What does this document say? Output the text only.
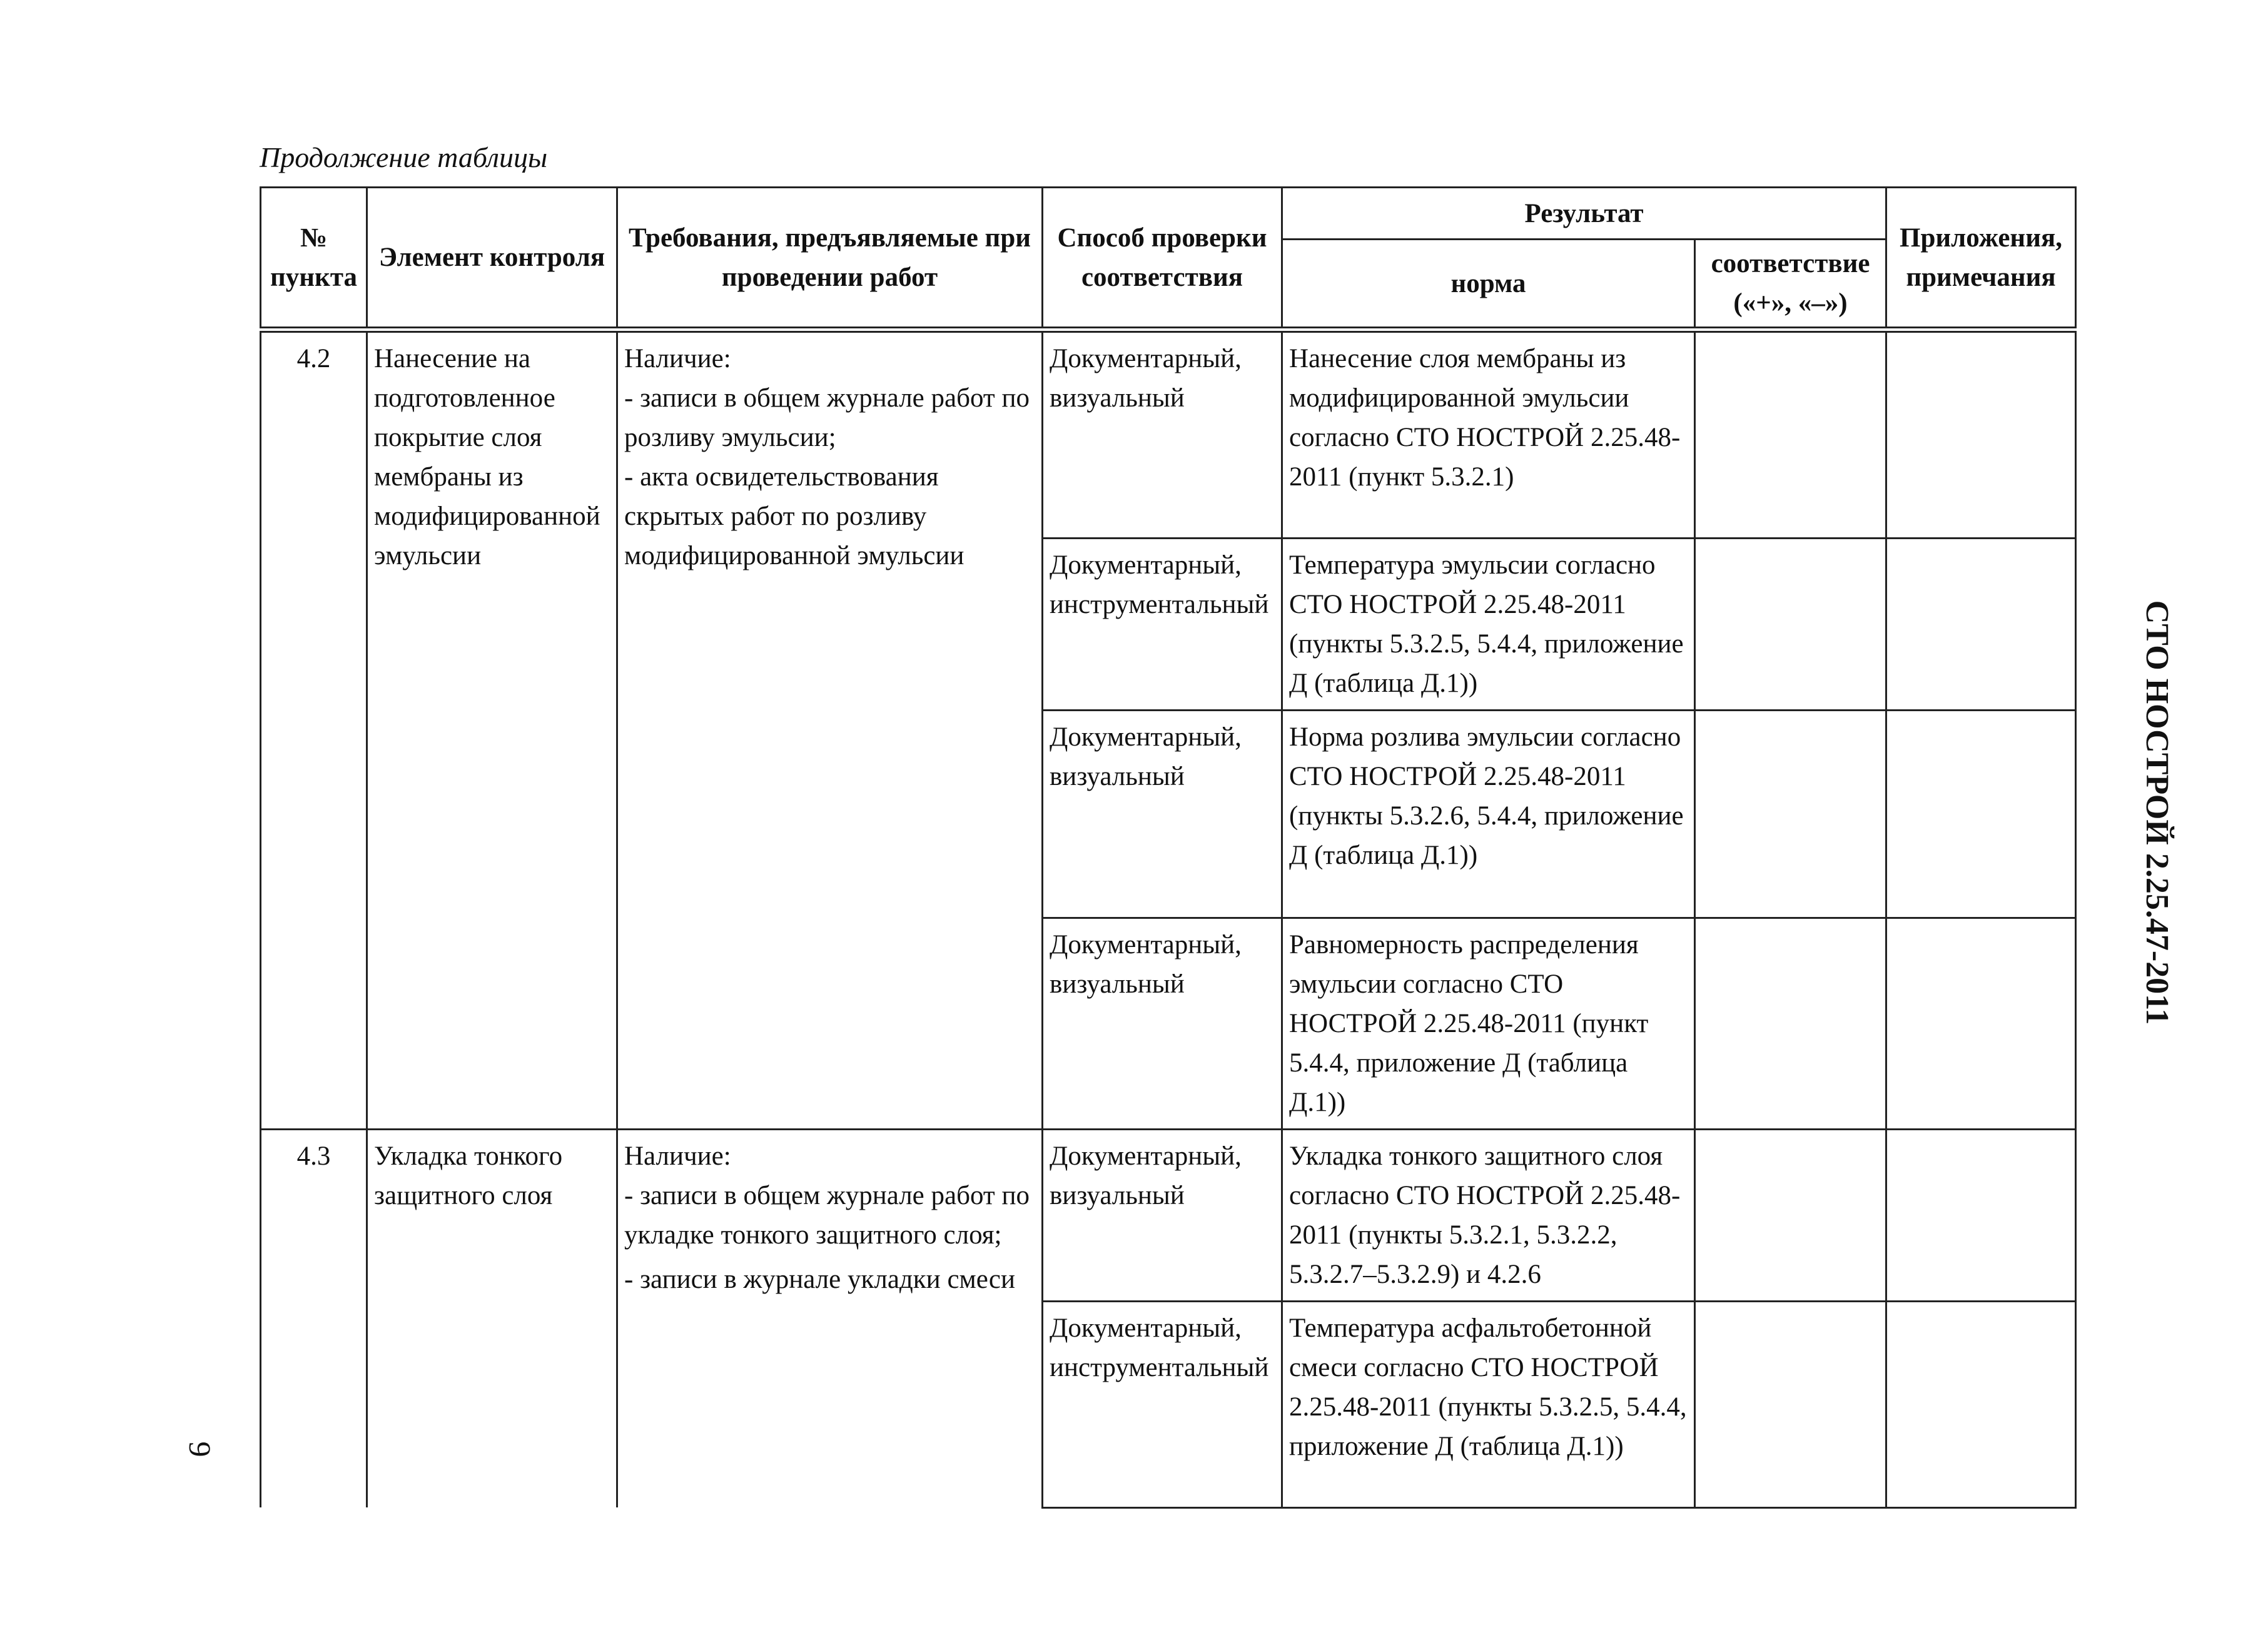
Продолжение таблицы
№ пункта	Элемент контроля	Требования, предъявляемые при проведении работ	Способ проверки соответствия	Результат		Приложения, примечания
				норма	соответствие («+», «–»)	
4.2	Нанесение на подготовленное покрытие слоя мембраны из модифицированной эмульсии	Наличие:
- записи в общем журнале работ по розливу эмульсии;
- акта освидетельствования скрытых работ по розливу модифицированной эмульсии	Документарный, визуальный	Нанесение слоя мембраны из модифицированной эмульсии согласно СТО НОСТРОЙ 2.25.48-2011 (пункт 5.3.2.1)		
			Документарный, инструментальный	Температура эмульсии согласно СТО НОСТРОЙ 2.25.48-2011 (пункты 5.3.2.5, 5.4.4, приложение Д (таблица Д.1))		
			Документарный, визуальный	Норма розлива эмульсии согласно СТО НОСТРОЙ 2.25.48-2011 (пункты 5.3.2.6, 5.4.4, приложение Д (таблица Д.1))		
			Документарный, визуальный	Равномерность распределения эмульсии согласно СТО НОСТРОЙ 2.25.48-2011 (пункт 5.4.4, приложение Д (таблица Д.1))		
4.3	Укладка тонкого защитного слоя	Наличие:
- записи в общем журнале работ по укладке тонкого защитного слоя;
- записи в журнале укладки смеси	Документарный, визуальный	Укладка тонкого защитного слоя согласно СТО НОСТРОЙ 2.25.48-2011 (пункты 5.3.2.1, 5.3.2.2, 5.3.2.7–5.3.2.9) и 4.2.6		
			Документарный, инструментальный	Температура асфальтобетонной смеси согласно СТО НОСТРОЙ 2.25.48-2011 (пункты 5.3.2.5, 5.4.4, приложение Д (таблица Д.1))		
СТО НОСТРОЙ 2.25.47-2011
9
